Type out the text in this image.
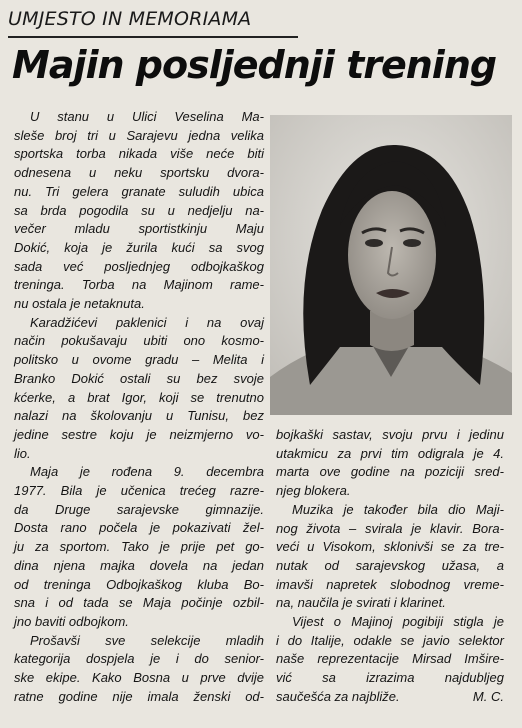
UMJESTO IN MEMORIAMA
Majin posljednji trening
U stanu u Ulici Veselina Ma-
sleše broj tri u Sarajevu jedna velika
sportska torba nikada više neće biti
odnesena u neku sportsku dvora-
nu. Tri gelera granate suludih ubica
sa brda pogodila su u nedjelju na-
večer mladu sportistkinju Maju
Dokić, koja je žurila kući sa svog
sada već posljednjeg odbojkaškog
treninga. Torba na Majinom rame-
nu ostala je netaknuta.
Karadžićevi paklenici i na ovaj
način pokušavaju ubiti ono kosmo-
politsko u ovome gradu – Melita i
Branko Dokić ostali su bez svoje
kćerke, a brat Igor, koji se trenutno
nalazi na školovanju u Tunisu, bez
jedine sestre koju je neizmjerno vo-
lio.
Maja je rođena 9. decembra
1977. Bila je učenica trećeg razre-
da Druge sarajevske gimnazije.
Dosta rano počela je pokazivati žel-
ju za sportom. Tako je prije pet go-
dina njena majka dovela na jedan
od treninga Odbojkaškog kluba Bo-
sna i od tada se Maja počinje ozbil-
jno baviti odbojkom.
Prošavši sve selekcije mladih
kategorija dospjela je i do senior-
ske ekipe. Kako Bosna u prve dvije
ratne godine nije imala ženski od-
bojkaški sastav, svoju prvu i jedinu
utakmicu za prvi tim odigrala je 4.
marta ove godine na poziciji sred-
njeg blokera.
Muzika je također bila dio Maji-
nog života – svirala je klavir. Bora-
veći u Visokom, sklonivši se za tre-
nutak od sarajevskog užasa, a
imavši napretek slobodnog vreme-
na, naučila je svirati i klarinet.
Vijest o Majinoj pogibiji stigla je
i do Italije, odakle se javio selektor
naše reprezentacije Mirsad Imšire-
vić sa izrazima najdubljeg
saučešća za najbliže.	M. C.
